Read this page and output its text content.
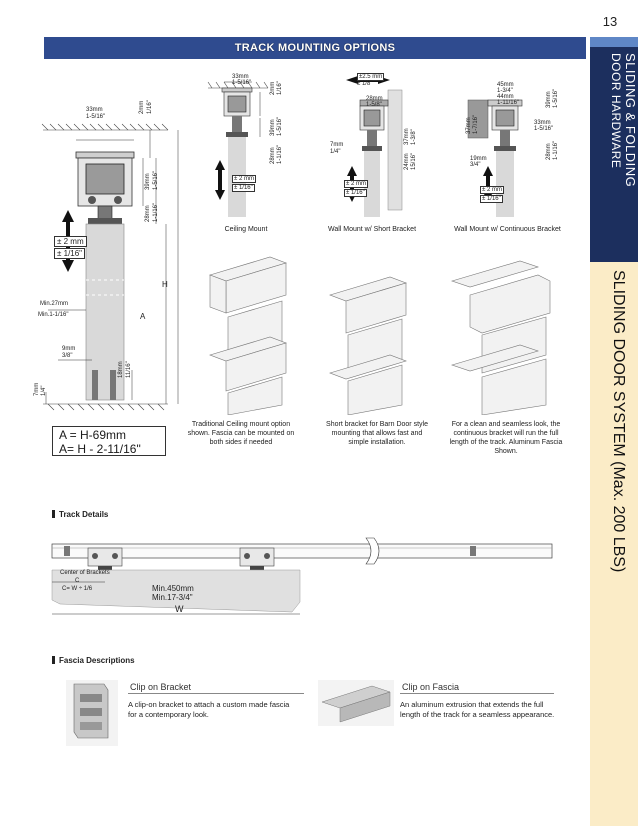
13
TRACK MOUNTING OPTIONS
SLIDING & FOLDING
DOOR HARDWARE
SLIDING DOOR SYSTEM (Max. 200 LBS)
33mm
1-5/16"
2mm 1/16"
39mm 1-5/16"
28mm 1-1/16"
± 2 mm
± 1/16"
Min.27mm
Min.1-1/16"
9mm
3/8"
18mm 11/16"
7mm 1/4"
H
A
A = H-69mm
A= H - 2-11/16"
33mm
1-5/16"	2mm 1/16"
39mm 1-5/16"
28mm 1-1/16"
± 2 mm
± 1/16"
Ceiling Mount
±2.5 mm
± 1/8"
28mm
1-5/8"
7mm
1/4"
37mm 1-3/8"
24mm 15/16"
± 2 mm
± 1/16"
Wall Mount w/ Short Bracket
45mm
1-3/4"
44mm
1-11/16"
37mm 1-7/16"
39mm 1-5/16"
33mm
1-5/16"
19mm
3/4"
28mm 1-1/16"
± 2 mm
± 1/16"
Wall Mount w/ Continuous Bracket
Traditional Ceiling mount option shown. Fascia can be mounted on both sides if needed
Short bracket for Barn Door style mounting that allows fast and simple installation.
For a clean and seamless look, the continuous bracket will run the full length of the track. Aluminum Fascia Shown.
Track Details
Center of Brackets
C
C= W ÷ 1/6	Min.450mm
Min.17-3/4"
W
Fascia Descriptions
Clip on Bracket
A clip-on bracket to attach a custom made fascia for a contemporary look.
Clip on Fascia
An aluminum extrusion that extends the full length of the track for a seamless appearance.
